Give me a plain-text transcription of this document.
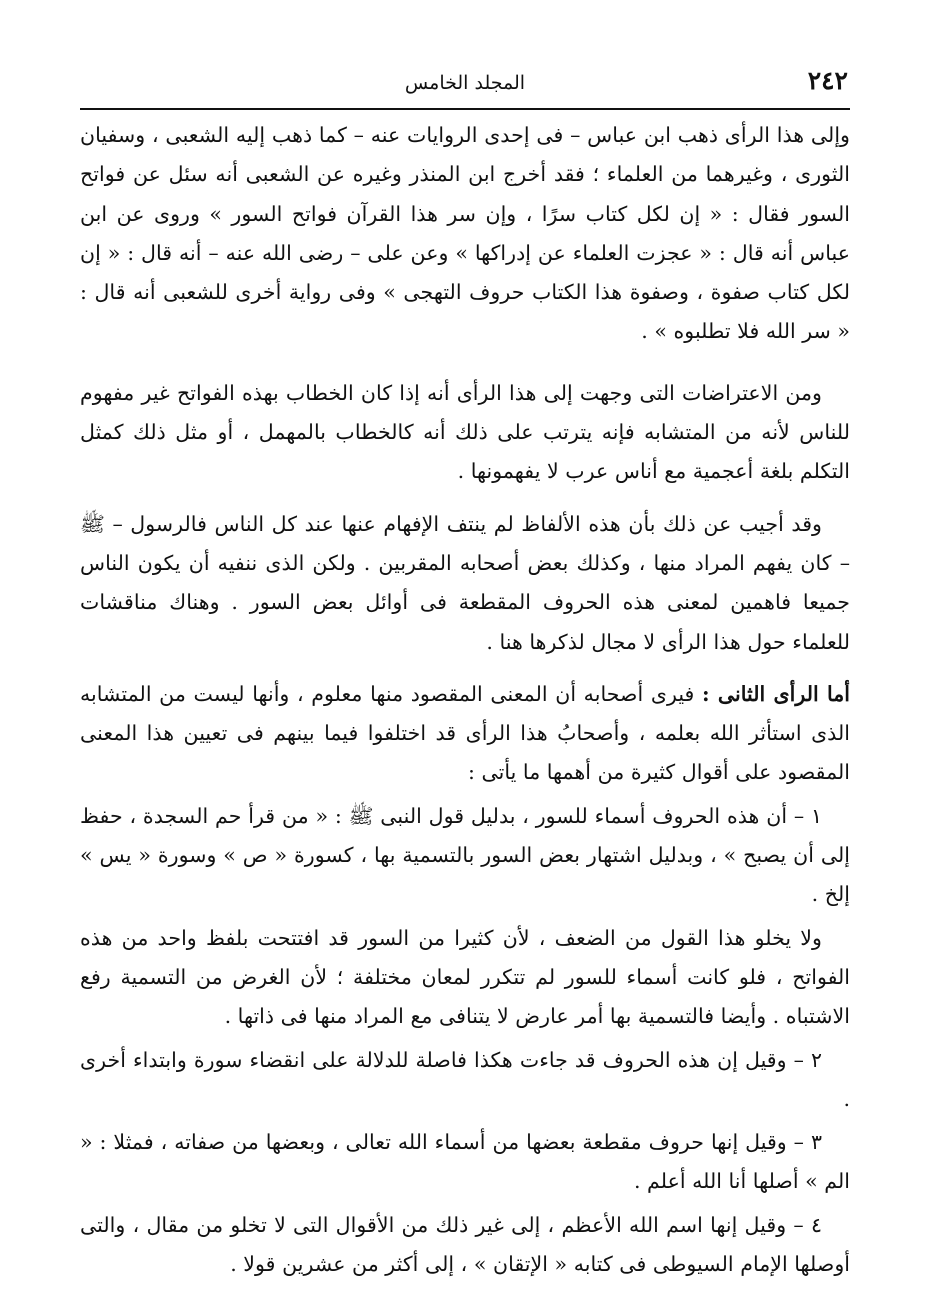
٢٤٢
المجلد الخامس

وإلى هذا الرأى ذهب ابن عباس – فى إحدى الروايات عنه – كما ذهب إليه الشعبى ، وسفيان الثورى ، وغيرهما من العلماء ؛ فقد أخرج ابن المنذر وغيره عن الشعبى أنه سئل عن فواتح السور فقال : « إن لكل كتاب سرًا ، وإن سر هذا القرآن فواتح السور » وروى عن ابن عباس أنه قال : « عجزت العلماء عن إدراكها » وعن على – رضى الله عنه – أنه قال : « إن لكل كتاب صفوة ، وصفوة هذا الكتاب حروف التهجى » وفى رواية أخرى للشعبى أنه قال : « سر الله فلا تطلبوه » .

ومن الاعتراضات التى وجهت إلى هذا الرأى أنه إذا كان الخطاب بهذه الفواتح غير مفهوم للناس لأنه من المتشابه فإنه يترتب على ذلك أنه كالخطاب بالمهمل ، أو مثل ذلك كمثل التكلم بلغة أعجمية مع أناس عرب لا يفهمونها .

وقد أجيب عن ذلك بأن هذه الألفاظ لم ينتف الإفهام عنها عند كل الناس فالرسول – ﷺ – كان يفهم المراد منها ، وكذلك بعض أصحابه المقربين . ولكن الذى ننفيه أن يكون الناس جميعا فاهمين لمعنى هذه الحروف المقطعة فى أوائل بعض السور . وهناك مناقشات للعلماء حول هذا الرأى لا مجال لذكرها هنا .

أما الرأى الثانى : فيرى أصحابه أن المعنى المقصود منها معلوم ، وأنها ليست من المتشابه الذى استأثر الله بعلمه ، وأصحابُ هذا الرأى قد اختلفوا فيما بينهم فى تعيين هذا المعنى المقصود على أقوال كثيرة من أهمها ما يأتى :

١ – أن هذه الحروف أسماء للسور ، بدليل قول النبى ﷺ : « من قرأ حم السجدة ، حفظ إلى أن يصبح » ، وبدليل اشتهار بعض السور بالتسمية بها ، كسورة « ص » وسورة « يس » إلخ .

ولا يخلو هذا القول من الضعف ، لأن كثيرا من السور قد افتتحت بلفظ واحد من هذه الفواتح ، فلو كانت أسماء للسور لم تتكرر لمعان مختلفة ؛ لأن الغرض من التسمية رفع الاشتباه . وأيضا فالتسمية بها أمر عارض لا يتنافى مع المراد منها فى ذاتها .

٢ – وقيل إن هذه الحروف قد جاءت هكذا فاصلة للدلالة على انقضاء سورة وابتداء أخرى .

٣ – وقيل إنها حروف مقطعة بعضها من أسماء الله تعالى ، وبعضها من صفاته ، فمثلا : « الم » أصلها أنا الله أعلم .

٤ – وقيل إنها اسم الله الأعظم ، إلى غير ذلك من الأقوال التى لا تخلو من مقال ، والتى أوصلها الإمام السيوطى فى كتابه « الإتقان » ، إلى أكثر من عشرين قولا .
